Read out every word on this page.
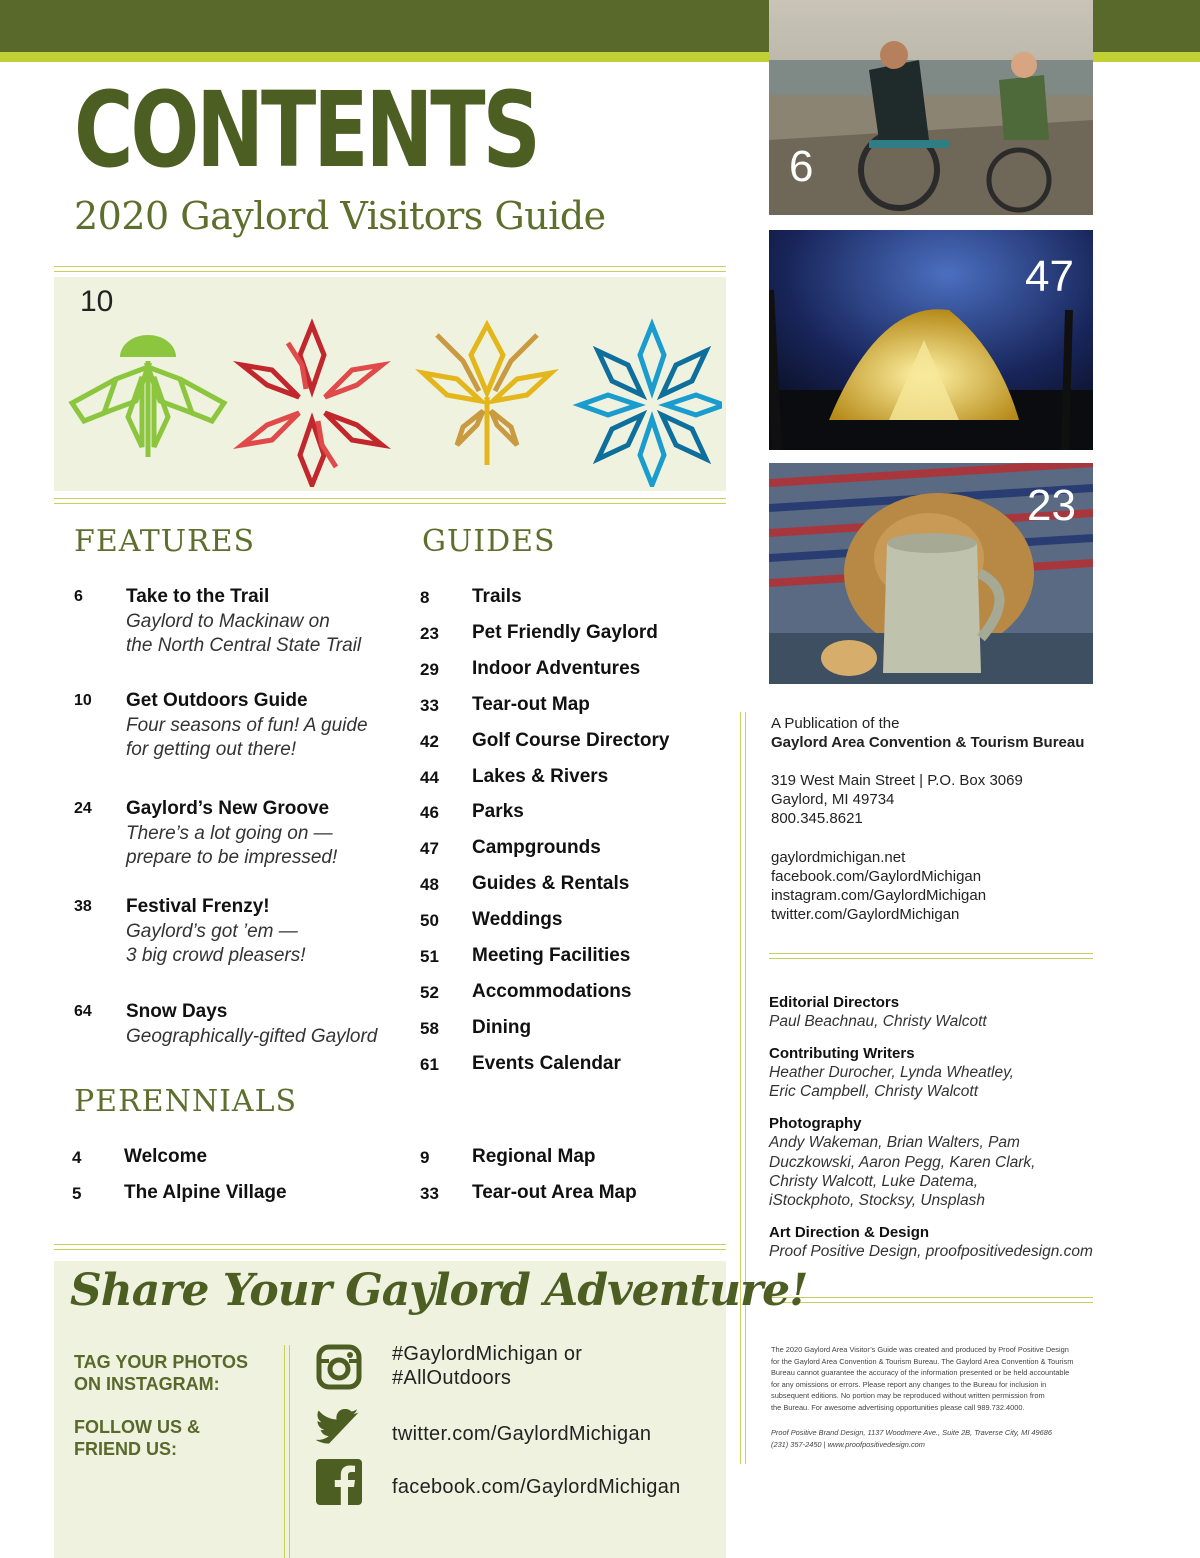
CONTENTS
2020 Gaylord Visitors Guide
10
6
47
23
FEATURES
6 Take to the Trail
Gaylord to Mackinaw on
the North Central State Trail
10 Get Outdoors Guide
Four seasons of fun! A guide
for getting out there!
24 Gaylord’s New Groove
There’s a lot going on —
prepare to be impressed!
38 Festival Frenzy!
Gaylord’s got ’em —
3 big crowd pleasers!
64 Snow Days
Geographically-gifted Gaylord
GUIDES
8 Trails
23 Pet Friendly Gaylord
29 Indoor Adventures
33 Tear-out Map
42 Golf Course Directory
44 Lakes & Rivers
46 Parks
47 Campgrounds
48 Guides & Rentals
50 Weddings
51 Meeting Facilities
52 Accommodations
58 Dining
61 Events Calendar
PERENNIALS
4 Welcome
5 The Alpine Village
9 Regional Map
33 Tear-out Area Map
A Publication of the
Gaylord Area Convention & Tourism Bureau
319 West Main Street | P.O. Box 3069
Gaylord, MI 49734
800.345.8621
gaylordmichigan.net
facebook.com/GaylordMichigan
instagram.com/GaylordMichigan
twitter.com/GaylordMichigan
Editorial Directors
Paul Beachnau, Christy Walcott
Contributing Writers
Heather Durocher, Lynda Wheatley,
Eric Campbell, Christy Walcott
Photography
Andy Wakeman, Brian Walters, Pam
Duczkowski, Aaron Pegg, Karen Clark,
Christy Walcott, Luke Datema,
iStockphoto, Stocksy, Unsplash
Art Direction & Design
Proof Positive Design, proofpositivedesign.com
The 2020 Gaylord Area Visitor’s Guide was created and produced by Proof Positive Design
for the Gaylord Area Convention & Tourism Bureau. The Gaylord Area Convention & Tourism
Bureau cannot guarantee the accuracy of the information presented or be held accountable
for any omissions or errors. Please report any changes to the Bureau for inclusion in
subsequent editions. No portion may be reproduced without written permission from
the Bureau. For awesome advertising opportunities please call 989.732.4000.
Proof Positive Brand Design, 1137 Woodmere Ave., Suite 2B, Traverse City, MI 49686
(231) 357-2450 | www.proofpositivedesign.com
Share Your Gaylord Adventure!
TAG YOUR PHOTOS
ON INSTAGRAM:
FOLLOW US &
FRIEND US:
#GaylordMichigan or
#AllOutdoors
twitter.com/GaylordMichigan
facebook.com/GaylordMichigan
